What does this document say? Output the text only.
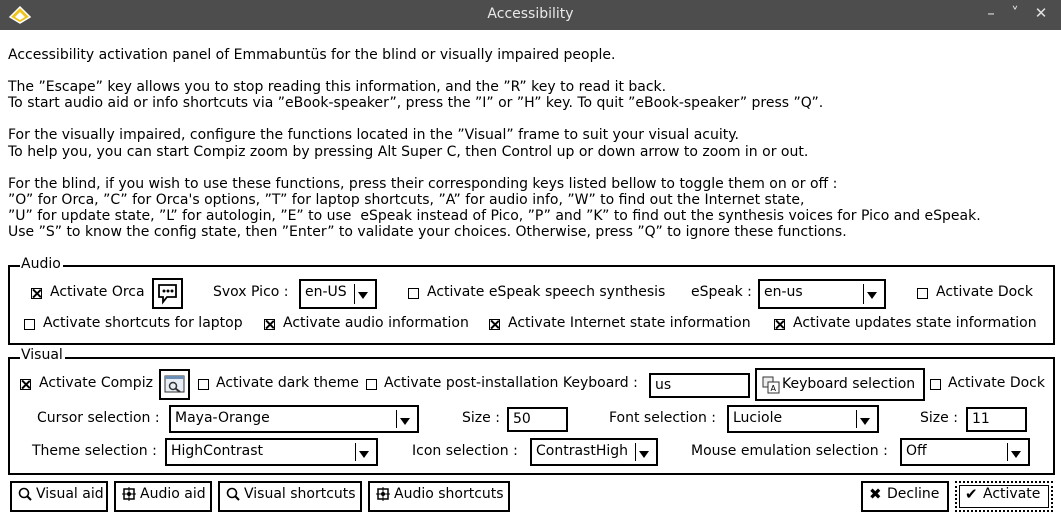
Accessibility	–	˅	✕
Accessibility activation panel of Emmabuntüs for the blind or visually impaired people.

The ”Escape” key allows you to stop reading this information, and the ”R” key to read it back.
To start audio aid or info shortcuts via ”eBook-speaker”, press the ”I” or ”H” key. To quit ”eBook-speaker” press ”Q”.

For the visually impaired, configure the functions located in the ”Visual” frame to suit your visual acuity.
To help you, you can start Compiz zoom by pressing Alt Super C, then Control up or down arrow to zoom in or out.

For the blind, if you wish to use these functions, press their corresponding keys listed bellow to toggle them on or off :
”O” for Orca, ”C” for Orca's options, ”T” for laptop shortcuts, ”A” for audio info, ”W” to find out the Internet state,
”U” for update state, ”L” for autologin, ”E” to use  eSpeak instead of Pico, ”P” and ”K” to find out the synthesis voices for Pico and eSpeak.
Use ”S” to know the config state, then ”Enter” to validate your choices. Otherwise, press ”Q” to ignore these functions.
Audio
Activate Orca	Svox Pico : en-US	Activate eSpeak speech synthesis eSpeak : en-us	Activate Dock
Activate shortcuts for laptop	Activate audio information	Activate Internet state information	Activate updates state information
Visual
Activate Compiz	Activate dark theme Activate post-installation Keyboard : us	A Keyboard selection Activate Dock
Cursor selection : Maya-Orange	Size : 50	Font selection : Luciole	Size : 11
Theme selection : HighContrast	Icon selection : ContrastHigh	Mouse emulation selection : Off
Visual aid	Audio aid	Visual shortcuts	Audio shortcuts	✖ Decline ✔ Activate
